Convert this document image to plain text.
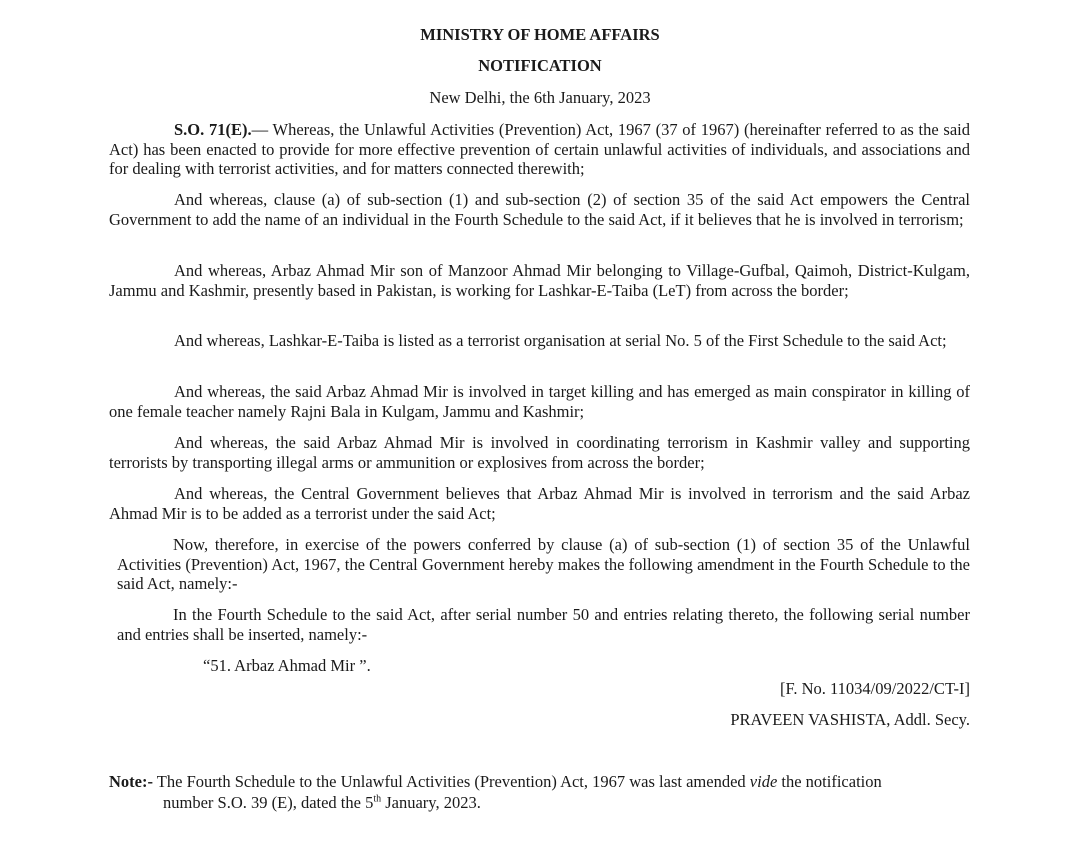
MINISTRY OF HOME AFFAIRS
NOTIFICATION
New Delhi, the 6th January, 2023

S.O. 71(E).— Whereas, the Unlawful Activities (Prevention) Act, 1967 (37 of 1967) (hereinafter referred to as the said Act) has been enacted to provide for more effective prevention of certain unlawful activities of individuals, and associations and for dealing with terrorist activities, and for matters connected therewith;

And whereas, clause (a) of sub-section (1) and sub-section (2) of section 35 of the said Act empowers the Central Government to add the name of an individual in the Fourth Schedule to the said Act, if it believes that he is involved in terrorism;

And whereas, Arbaz Ahmad Mir son of Manzoor Ahmad Mir belonging to Village-Gufbal, Qaimoh, District-Kulgam, Jammu and Kashmir, presently based in Pakistan, is working for Lashkar-E-Taiba (LeT) from across the border;

And whereas, Lashkar-E-Taiba is listed as a terrorist organisation at serial No. 5 of the First Schedule to the said Act;

And whereas, the said Arbaz Ahmad Mir is involved in target killing and has emerged as main conspirator in killing of one female teacher namely Rajni Bala in Kulgam, Jammu and Kashmir;

And whereas, the said Arbaz Ahmad Mir is involved in coordinating terrorism in Kashmir valley and supporting terrorists by transporting illegal arms or ammunition or explosives from across the border;

And whereas, the Central Government believes that Arbaz Ahmad Mir is involved in terrorism and the said Arbaz Ahmad Mir is to be added as a terrorist under the said Act;

Now, therefore, in exercise of the powers conferred by clause (a) of sub-section (1) of section 35 of the Unlawful Activities (Prevention) Act, 1967, the Central Government hereby makes the following amendment in the Fourth Schedule to the said Act, namely:-

In the Fourth Schedule to the said Act, after serial number 50 and entries relating thereto, the following serial number and entries shall be inserted, namely:-

“51. Arbaz Ahmad Mir ”.
[F. No. 11034/09/2022/CT-I]
PRAVEEN VASHISTA, Addl. Secy.
Note:- The Fourth Schedule to the Unlawful Activities (Prevention) Act, 1967 was last amended vide the notification
number S.O. 39 (E), dated the 5th January, 2023.
